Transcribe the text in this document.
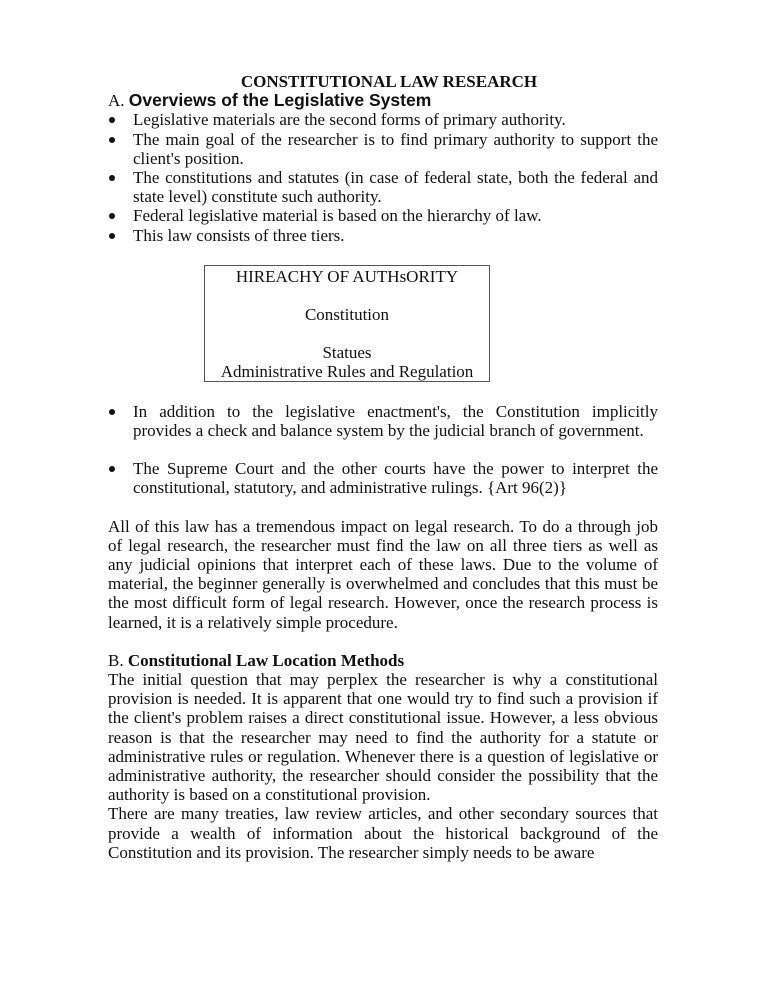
CONSTITUTIONAL LAW RESEARCH

A. Overviews of the Legislative System

Legislative materials are the second forms of primary authority.
The main goal of the researcher is to find primary authority to support the client's position.
The constitutions and statutes (in case of federal state, both the federal and state level) constitute such authority.
Federal legislative material is based on the hierarchy of law.
This law consists of three tiers.
HIREACHY OF AUTHsORITY
Constitution
Statues
Administrative Rules and Regulation
In addition to the legislative enactment's, the Constitution implicitly provides a check and balance system by the judicial branch of government.
The Supreme Court and the other courts have the power to interpret the constitutional, statutory, and administrative rulings. {Art 96(2)}

All of this law has a tremendous impact on legal research. To do a through job of legal research, the researcher must find the law on all three tiers as well as any judicial opinions that interpret each of these laws. Due to the volume of material, the beginner generally is overwhelmed and concludes that this must be the most difficult form of legal research. However, once the research process is learned, it is a relatively simple procedure.

B. Constitutional Law Location Methods

The initial question that may perplex the researcher is why a constitutional provision is needed. It is apparent that one would try to find such a provision if the client's problem raises a direct constitutional issue. However, a less obvious reason is that the researcher may need to find the authority for a statute or administrative rules or regulation. Whenever there is a question of legislative or administrative authority, the researcher should consider the possibility that the authority is based on a constitutional provision.

There are many treaties, law review articles, and other secondary sources that provide a wealth of information about the historical background of the Constitution and its provision. The researcher simply needs to be aware
